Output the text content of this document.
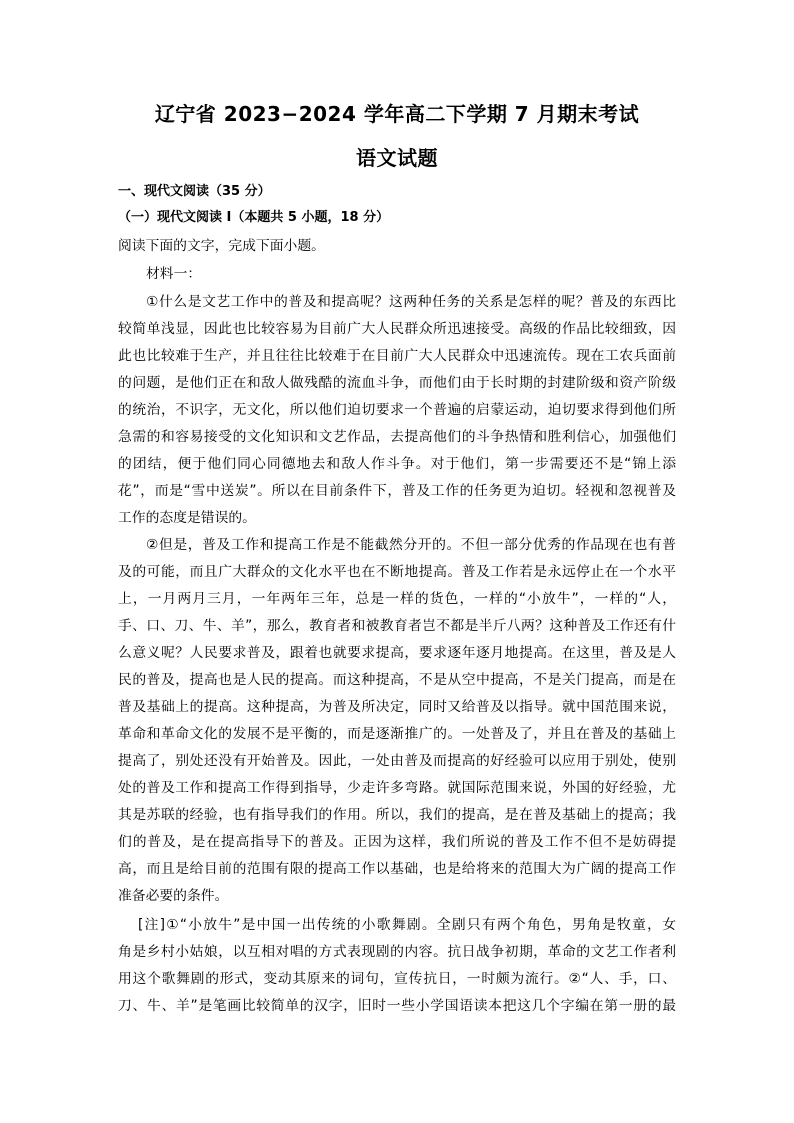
辽宁省 2023−2024 学年高二下学期 7 月期末考试
语文试题
一、现代文阅读（35 分）
（一）现代文阅读 I（本题共 5 小题，18 分）
阅读下面的文字，完成下面小题。
材料一：
①什么是文艺工作中的普及和提高呢？这两种任务的关系是怎样的呢？普及的东西比
较简单浅显，因此也比较容易为目前广大人民群众所迅速接受。高级的作品比较细致，因
此也比较难于生产，并且往往比较难于在目前广大人民群众中迅速流传。现在工农兵面前
的问题，是他们正在和敌人做残酷的流血斗争，而他们由于长时期的封建阶级和资产阶级
的统治，不识字，无文化，所以他们迫切要求一个普遍的启蒙运动，迫切要求得到他们所
急需的和容易接受的文化知识和文艺作品，去提高他们的斗争热情和胜利信心，加强他们
的团结，便于他们同心同德地去和敌人作斗争。对于他们，第一步需要还不是“锦上添
花”，而是“雪中送炭”。所以在目前条件下，普及工作的任务更为迫切。轻视和忽视普及
工作的态度是错误的。
②但是，普及工作和提高工作是不能截然分开的。不但一部分优秀的作品现在也有普
及的可能，而且广大群众的文化水平也在不断地提高。普及工作若是永远停止在一个水平
上，一月两月三月，一年两年三年，总是一样的货色，一样的“小放牛”，一样的“人，
手、口、刀、牛、羊”，那么，教育者和被教育者岂不都是半斤八两？这种普及工作还有什
么意义呢？人民要求普及，跟着也就要求提高，要求逐年逐月地提高。在这里，普及是人
民的普及，提高也是人民的提高。而这种提高，不是从空中提高，不是关门提高，而是在
普及基础上的提高。这种提高，为普及所决定，同时又给普及以指导。就中国范围来说，
革命和革命文化的发展不是平衡的，而是逐渐推广的。一处普及了，并且在普及的基础上
提高了，别处还没有开始普及。因此，一处由普及而提高的好经验可以应用于别处，使别
处的普及工作和提高工作得到指导，少走许多弯路。就国际范围来说，外国的好经验，尤
其是苏联的经验，也有指导我们的作用。所以，我们的提高，是在普及基础上的提高；我
们的普及，是在提高指导下的普及。正因为这样，我们所说的普及工作不但不是妨碍提
高，而且是给目前的范围有限的提高工作以基础，也是给将来的范围大为广阔的提高工作
准备必要的条件。
[注]①“小放牛”是中国一出传统的小歌舞剧。全剧只有两个角色，男角是牧童，女
角是乡村小姑娘，以互相对唱的方式表现剧的内容。抗日战争初期，革命的文艺工作者利
用这个歌舞剧的形式，变动其原来的词句，宣传抗日，一时颇为流行。②“人、手，口、
刀、牛、羊”是笔画比较简单的汉字，旧时一些小学国语读本把这几个字编在第一册的最
